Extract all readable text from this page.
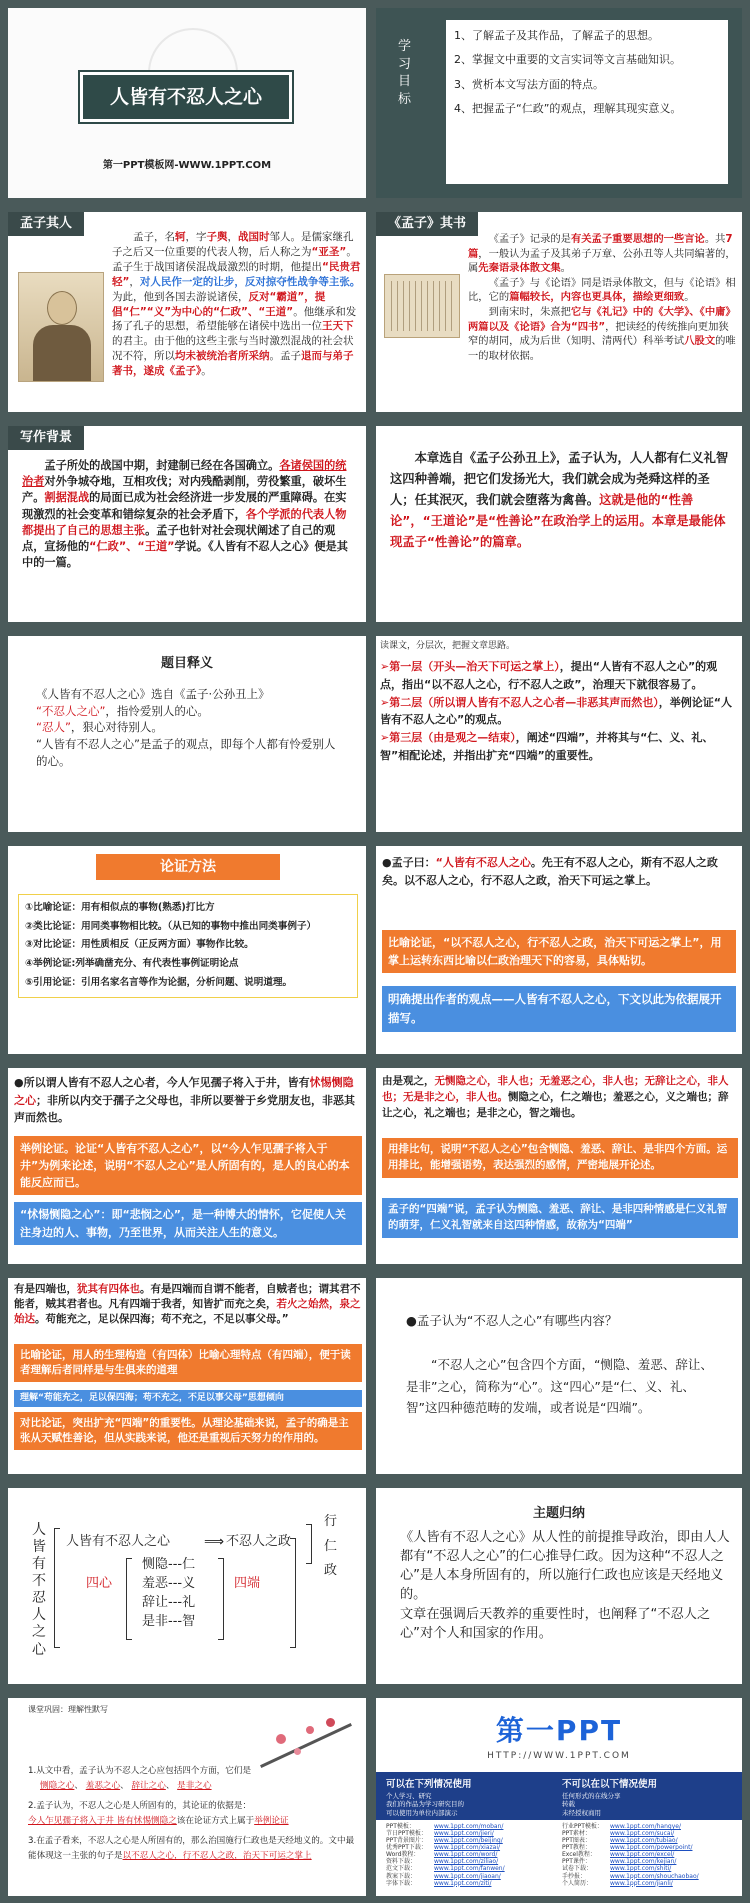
人皆有不忍人之心
第一PPT模板网-WWW.1PPT.COM
学习目标
1、了解孟子及其作品，了解孟子的思想。
2、掌握文中重要的文言实词等文言基础知识。
3、赏析本文写法方面的特点。
4、把握孟子“仁政”的观点，理解其现实意义。
孟子其人
孟子，名轲，字子舆，战国时邹人。是儒家继孔子之后又一位重要的代表人物，后人称之为“亚圣”。孟子生于战国诸侯混战最激烈的时期，他提出“民贵君轻”，对人民作一定的让步，反对掠夺性战争等主张。为此，他到各国去游说诸侯，反对“霸道”，提倡“仁”“义”为中心的“仁政”、“王道”。他继承和发扬了孔子的思想，希望能够在诸侯中选出一位王天下的君主。由于他的这些主张与当时激烈混战的社会状况不符，所以均未被统治者所采纳。孟子退而与弟子著书，遂成《孟子》。
《孟子》其书
《孟子》记录的是有关孟子重要思想的一些言论。共7篇，一般认为孟子及其弟子万章、公孙丑等人共同编著的，属先秦语录体散文集。
《孟子》与《论语》同是语录体散文，但与《论语》相比，它的篇幅较长，内容也更具体，描绘更细致。
到南宋时，朱熹把它与《礼记》中的《大学》、《中庸》两篇以及《论语》合为“四书”，把读经的传统推向更加狭窄的胡同，成为后世（知明、清两代）科举考试八股文的唯一的取材依据。
写作背景
孟子所处的战国中期，封建制已经在各国确立。各诸侯国的统治者对外争城夺地，互相攻伐；对内残酷剥削，劳役繁重，破坏生产。割据混战的局面已成为社会经济进一步发展的严重障碍。在实现激烈的社会变革和错综复杂的社会矛盾下，各个学派的代表人物都提出了自己的思想主张。孟子也针对社会现状阐述了自己的观点，宣扬他的“仁政”、“王道”学说。《人皆有不忍人之心》便是其中的一篇。
本章选自《孟子公孙丑上》，孟子认为，人人都有仁义礼智这四种善端，把它们发扬光大，我们就会成为尧舜这样的圣人；任其泯灭，我们就会堕落为禽兽。这就是他的“性善论”，“王道论”是“性善论”在政治学上的运用。本章是最能体现孟子“性善论”的篇章。
题目释义
《人皆有不忍人之心》选自《孟子·公孙丑上》
“不忍人之心”，指怜爱别人的心。
“忍人”，狠心对待别人。
“人皆有不忍人之心”是孟子的观点，即每个人都有怜爱别人的心。
读课文，分层次，把握文章思路。
➢第一层（开头—治天下可运之掌上），提出“人皆有不忍人之心”的观点，指出“以不忍人之心，行不忍人之政”，治理天下就很容易了。
➢第二层（所以谓人皆有不忍人之心者—非恶其声而然也），举例论证“人皆有不忍人之心”的观点。
➢第三层（由是观之—结束），阐述“四端”，并将其与“仁、义、礼、智”相配论述，并指出扩充“四端”的重要性。
论证方法
①比喻论证：用有相似点的事物(熟悉)打比方
②类比论证：用同类事物相比较。（从已知的事物中推出同类事例子）
③对比论证：用性质相反（正反两方面）事物作比较。
④举例论证:列举确凿充分、有代表性事例证明论点
⑤引用论证：引用名家名言等作为论据，分析问题、说明道理。
●孟子曰：“人皆有不忍人之心。先王有不忍人之心，斯有不忍人之政矣。以不忍人之心，行不忍人之政，治天下可运之掌上。
比喻论证，“以不忍人之心，行不忍人之政，治天下可运之掌上”，用掌上运转东西比喻以仁政治理天下的容易，具体贴切。
明确提出作者的观点——人皆有不忍人之心，下文以此为依据展开描写。
●所以谓人皆有不忍人之心者，今人乍见孺子将入于井，皆有怵惕恻隐之心；非所以内交于孺子之父母也，非所以要誉于乡党朋友也，非恶其声而然也。
举例论证。论证“人皆有不忍人之心”，以“今人乍见孺子将入于井”为例来论述，说明“不忍人之心”是人所固有的，是人的良心的本能反应而已。
“怵惕恻隐之心”：即“悲悯之心”，是一种博大的情怀，它促使人关注身边的人、事物，乃至世界，从而关注人生的意义。
由是观之，无恻隐之心，非人也；无羞恶之心，非人也；无辞让之心，非人也；无是非之心，非人也。恻隐之心，仁之端也；羞恶之心，义之端也；辞让之心，礼之端也；是非之心，智之端也。
用排比句，说明“不忍人之心”包含恻隐、羞恶、辞让、是非四个方面。运用排比，能增强语势，表达强烈的感情，严密地展开论述。
孟子的“四端”说，孟子认为恻隐、羞恶、辞让、是非四种情感是仁义礼智的萌芽，仁义礼智就来自这四种情感，故称为“四端”
有是四端也，犹其有四体也。有是四端而自谓不能者，自贼者也；谓其君不能者，贼其君者也。凡有四端于我者，知皆扩而充之矣，若火之始然，泉之始达。苟能充之，足以保四海；苟不充之，不足以事父母。”
比喻论证，用人的生理构造（有四体）比喻心理特点（有四端），便于读者理解后者同样是与生俱来的道理
理解“苟能充之，足以保四海；苟不充之，不足以事父母”思想倾向
对比论证，突出扩充“四端”的重要性。从理论基础来说，孟子的确是主张从天赋性善论，但从实践来说，他还是重视后天努力的作用的。
●孟子认为“不忍人之心”有哪些内容？
“不忍人之心”包含四个方面，“恻隐、羞恶、辞让、是非”之心，简称为“心”。这“四心”是“仁、义、礼、智”这四种德范畴的发端，或者说是“四端”。
人皆有不忍人之心
人皆有不忍人之心 ⟹ 不忍人之政
行仁政
四心
恻隐---仁
羞恶---义
辞让---礼
是非---智
四端
主题归纳
《人皆有不忍人之心》从人性的前提推导政治，即由人人都有“不忍人之心”的仁心推导仁政。因为这种“不忍人之心”是人本身所固有的，所以施行仁政也应该是天经地义的。
文章在强调后天教养的重要性时，也阐释了“不忍人之心”对个人和国家的作用。
课堂巩固：理解性默写
1.从文中看，孟子认为不忍人之心应包括四个方面，它们是
恻隐之心、 羞恶之心、 辞让之心、 是非之心
2.孟子认为，不忍人之心是人所固有的，其论证的依据是：
今人乍见孺子将入于井 皆有怵惕恻隐之该在论证方式上属于举例论证
3.在孟子看来，不忍人之心是人所固有的，那么治国施行仁政也是天经地义的。文中最能体现这一主张的句子是以不忍人之心，行不忍人之政，治天下可运之掌上
第一PPT
HTTP://WWW.1PPT.COM
可以在下列情况使用
个人学习、研究
我们的作品为学习研究目的
可以使用为单位内部演示
不可以在以下情况使用
任何形式的在线分享
转载
未经授权商用
PPT模板：	www.1ppt.com/moban/
节日PPT模板： www.1ppt.com/jieri/
PPT背景图片： www.1ppt.com/beijing/
优秀PPT下载： www.1ppt.com/xiazai/
Word教程： www.1ppt.com/word/
资料下载：	www.1ppt.com/ziliao/
范文下载：	www.1ppt.com/fanwen/
教案下载：	www.1ppt.com/jiaoan/
字体下载：	www.1ppt.com/ziti/
行业PPT模板： www.1ppt.com/hangye/
PPT素材：	www.1ppt.com/sucai/
PPT图表：	www.1ppt.com/tubiao/
PPT教程：	www.1ppt.com/powerpoint/
Excel教程： www.1ppt.com/excel/
PPT课件：	www.1ppt.com/kejian/
试卷下载：	www.1ppt.com/shiti/
手抄报：	www.1ppt.com/shouchaobao/
个人简历：	www.1ppt.com/jianli/
